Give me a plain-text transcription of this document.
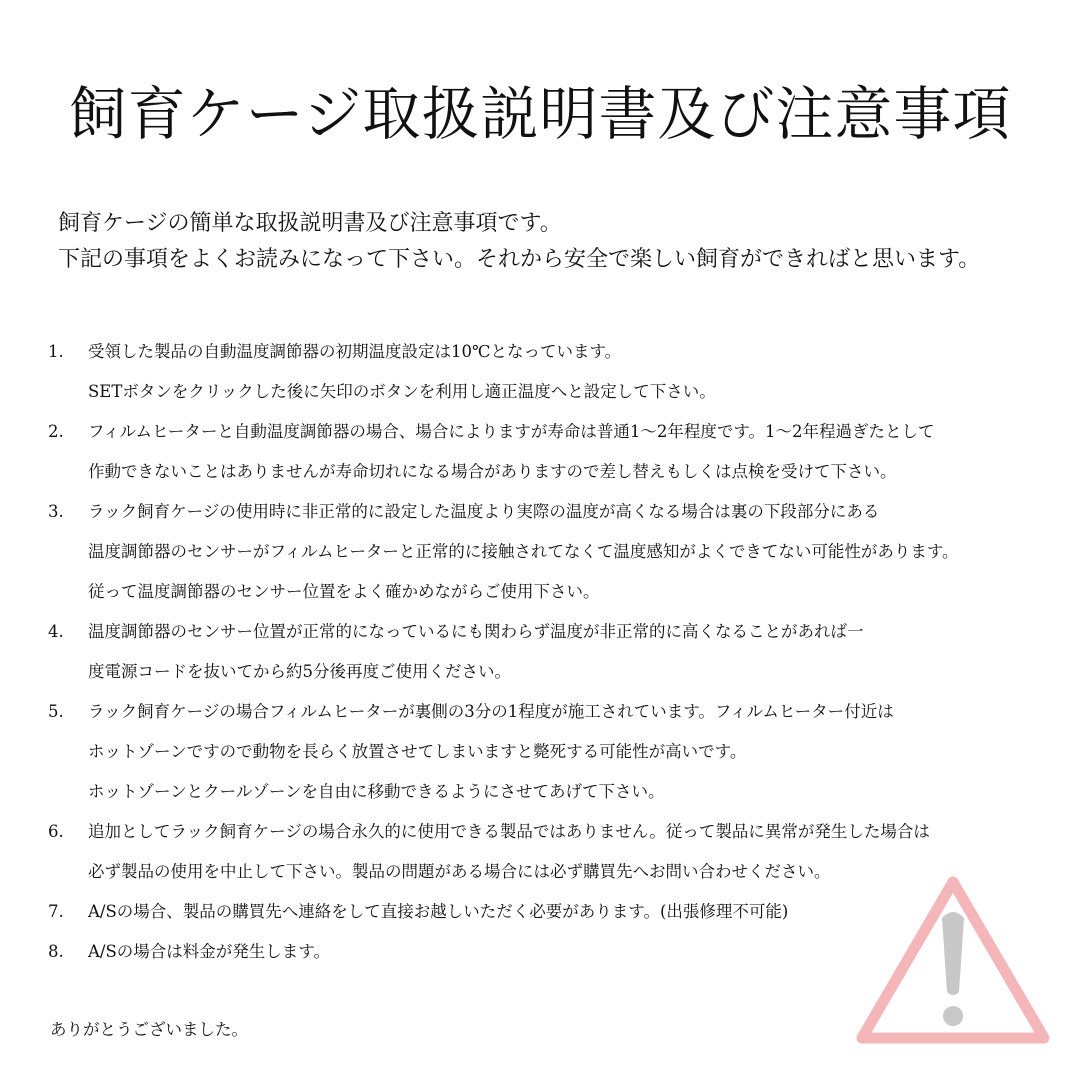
飼育ケージ取扱説明書及び注意事項
飼育ケージの簡単な取扱説明書及び注意事項です。
下記の事項をよくお読みになって下さい。それから安全で楽しい飼育ができればと思います。
1.	受領した製品の自動温度調節器の初期温度設定は10℃となっています。
SETボタンをクリックした後に矢印のボタンを利用し適正温度へと設定して下さい。
2.	フィルムヒーターと自動温度調節器の場合、場合によりますが寿命は普通1～2年程度です。1～2年程過ぎたとして
作動できないことはありませんが寿命切れになる場合がありますので差し替えもしくは点検を受けて下さい。
3.	ラック飼育ケージの使用時に非正常的に設定した温度より実際の温度が高くなる場合は裏の下段部分にある
温度調節器のセンサーがフィルムヒーターと正常的に接触されてなくて温度感知がよくできてない可能性があります。
従って温度調節器のセンサー位置をよく確かめながらご使用下さい。
4.	温度調節器のセンサー位置が正常的になっているにも関わらず温度が非正常的に高くなることがあれば一
度電源コードを抜いてから約5分後再度ご使用ください。
5.	ラック飼育ケージの場合フィルムヒーターが裏側の3分の1程度が施工されています。フィルムヒーター付近は
ホットゾーンですので動物を長らく放置させてしまいますと斃死する可能性が高いです。
ホットゾーンとクールゾーンを自由に移動できるようにさせてあげて下さい。
6.	追加としてラック飼育ケージの場合永久的に使用できる製品ではありません。従って製品に異常が発生した場合は
必ず製品の使用を中止して下さい。製品の問題がある場合には必ず購買先へお問い合わせください。
7.	A/Sの場合、製品の購買先へ連絡をして直接お越しいただく必要があります。(出張修理不可能)
8.	A/Sの場合は料金が発生します。
ありがとうございました。
